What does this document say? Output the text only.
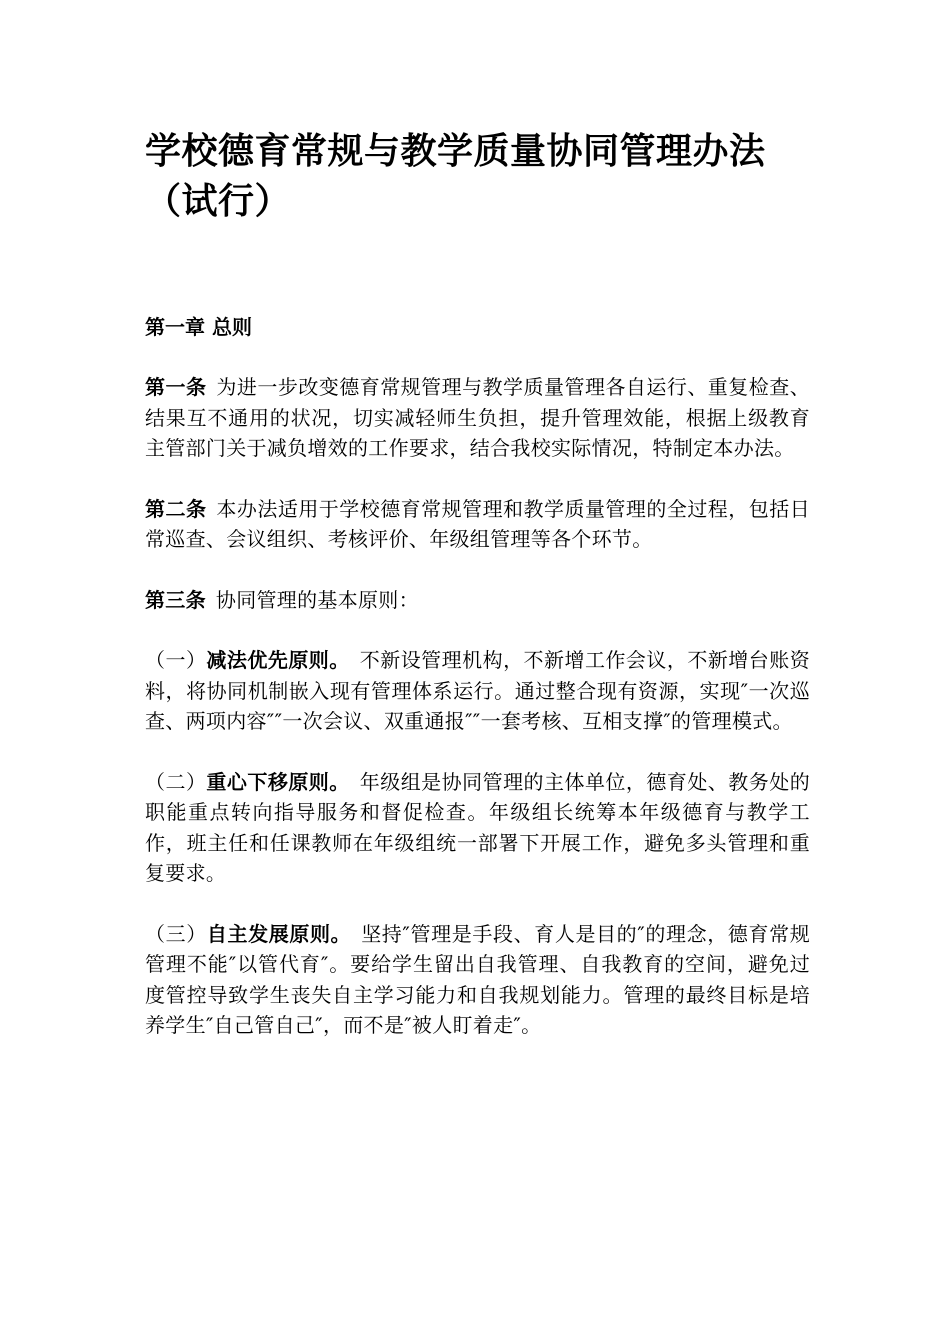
学校德育常规与教学质量协同管理办法（试行）

第一章 总则

第一条 为进一步改变德育常规管理与教学质量管理各自运行、重复检查、结果互不通用的状况，切实减轻师生负担，提升管理效能，根据上级教育主管部门关于减负增效的工作要求，结合我校实际情况，特制定本办法。

第二条 本办法适用于学校德育常规管理和教学质量管理的全过程，包括日常巡查、会议组织、考核评价、年级组管理等各个环节。

第三条 协同管理的基本原则：

（一）减法优先原则。 不新设管理机构，不新增工作会议，不新增台账资料，将协同机制嵌入现有管理体系运行。通过整合现有资源，实现″一次巡查、两项内容″″一次会议、双重通报″″一套考核、互相支撑″的管理模式。

（二）重心下移原则。 年级组是协同管理的主体单位，德育处、教务处的职能重点转向指导服务和督促检查。年级组长统筹本年级德育与教学工作，班主任和任课教师在年级组统一部署下开展工作，避免多头管理和重复要求。

（三）自主发展原则。 坚持″管理是手段、育人是目的″的理念，德育常规管理不能″以管代育″。要给学生留出自我管理、自我教育的空间，避免过度管控导致学生丧失自主学习能力和自我规划能力。管理的最终目标是培养学生″自己管自己″，而不是″被人盯着走″。
